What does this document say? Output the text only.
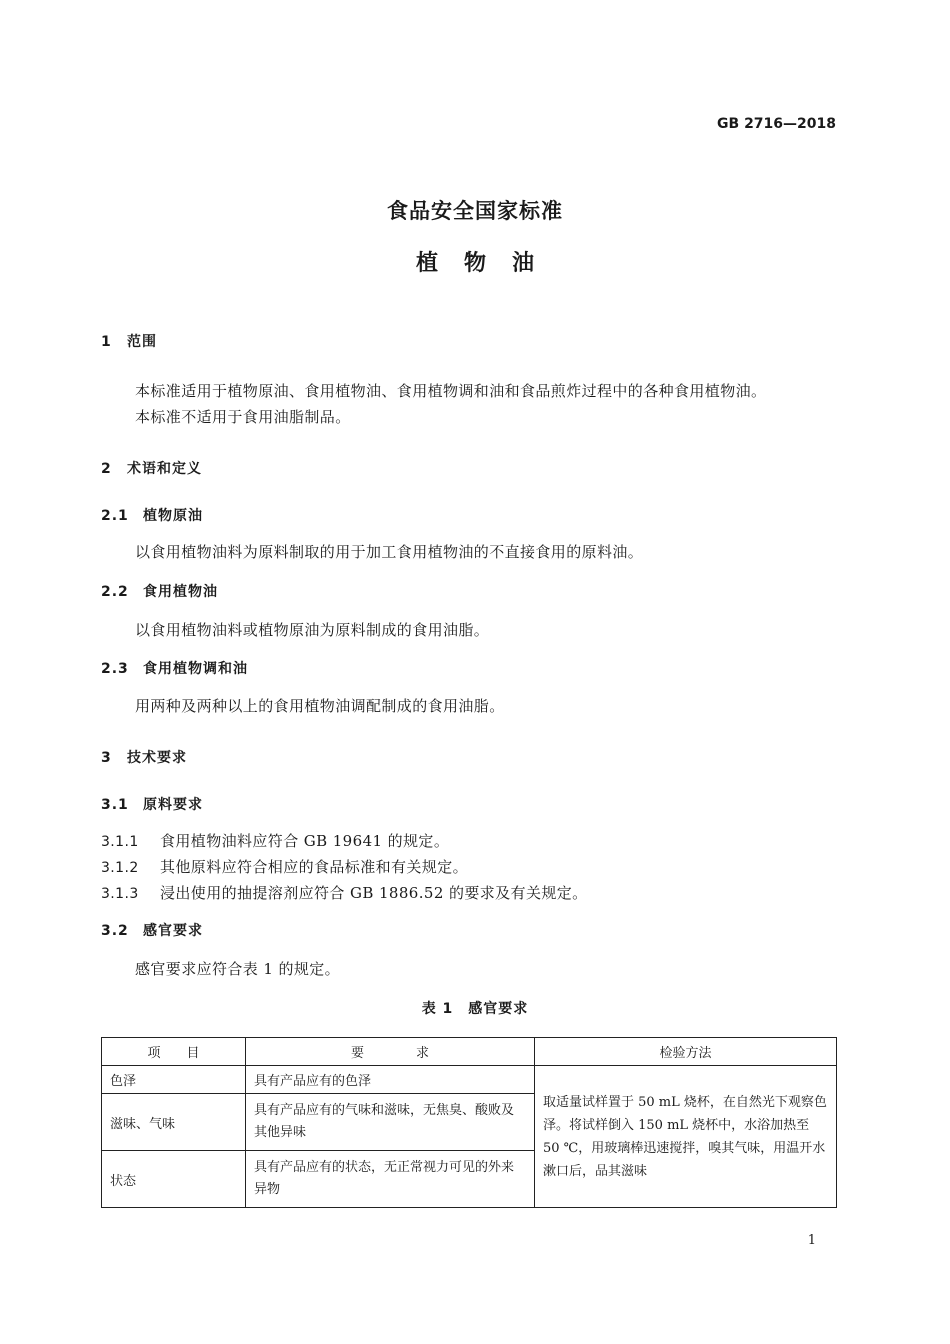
GB 2716—2018
食品安全国家标准
植物油
1 范围
本标准适用于植物原油、食用植物油、食用植物调和油和食品煎炸过程中的各种食用植物油。
本标准不适用于食用油脂制品。
2 术语和定义
2.1 植物原油
以食用植物油料为原料制取的用于加工食用植物油的不直接食用的原料油。
2.2 食用植物油
以食用植物油料或植物原油为原料制成的食用油脂。
2.3 食用植物调和油
用两种及两种以上的食用植物油调配制成的食用油脂。
3 技术要求
3.1 原料要求
3.1.1 食用植物油料应符合 GB 19641 的规定。
3.1.2 其他原料应符合相应的食品标准和有关规定。
3.1.3 浸出使用的抽提溶剂应符合 GB 1886.52 的要求及有关规定。
3.2 感官要求
感官要求应符合表 1 的规定。
表 1　感官要求
项　　目	要　　　　求	检验方法
色泽	具有产品应有的色泽	取适量试样置于 50 mL 烧杯，在自然光下观察色泽。将试样倒入 150 mL 烧杯中，水浴加热至 50 ℃，用玻璃棒迅速搅拌，嗅其气味，用温开水漱口后，品其滋味
滋味、气味	具有产品应有的气味和滋味，无焦臭、酸败及其他异味	
状态	具有产品应有的状态，无正常视力可见的外来异物	
1
